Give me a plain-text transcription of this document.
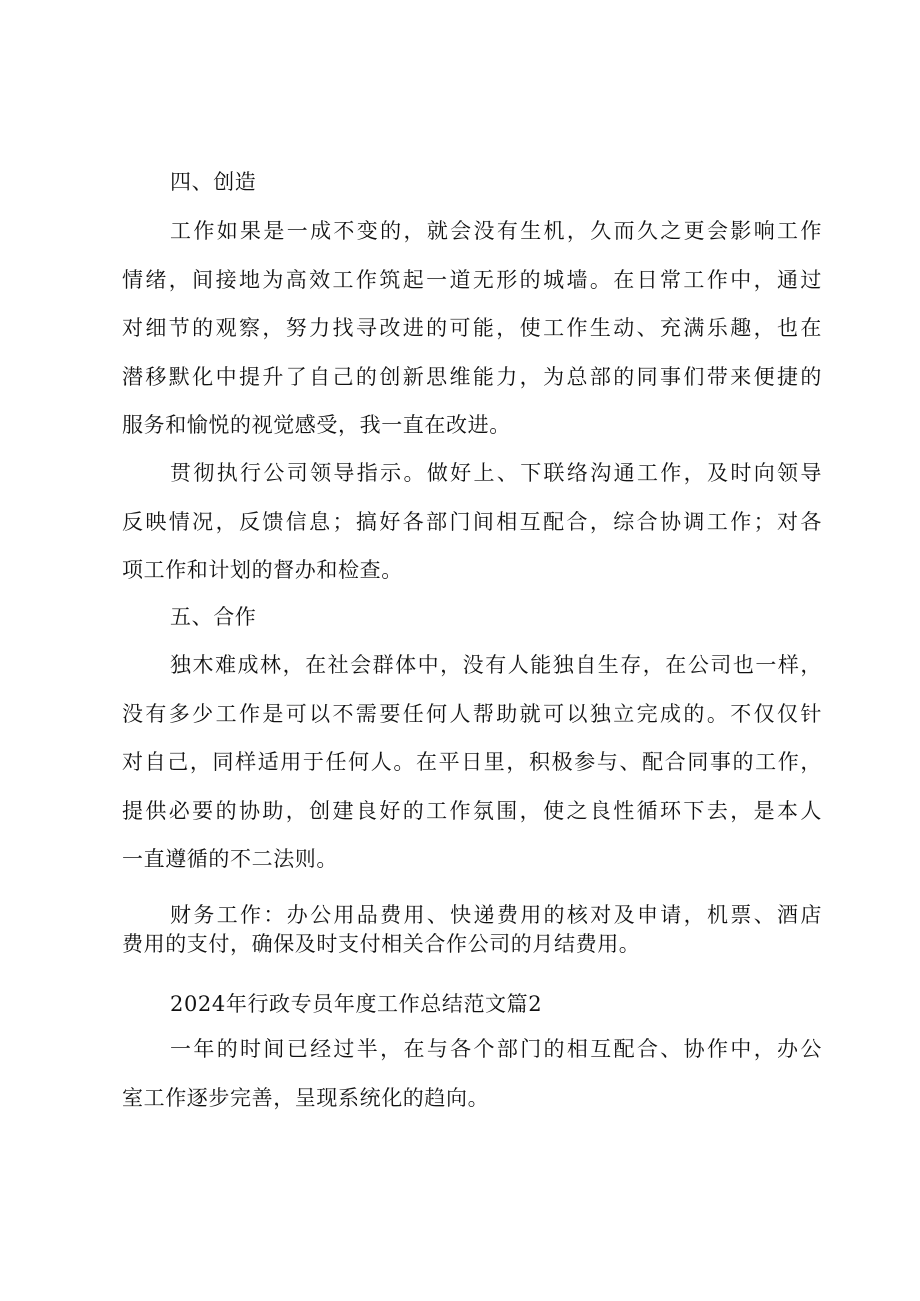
四、创造

工作如果是一成不变的，就会没有生机，久而久之更会影响工作
情绪，间接地为高效工作筑起一道无形的城墙。在日常工作中，通过
对细节的观察，努力找寻改进的可能，使工作生动、充满乐趣，也在
潜移默化中提升了自己的创新思维能力，为总部的同事们带来便捷的
服务和愉悦的视觉感受，我一直在改进。

贯彻执行公司领导指示。做好上、下联络沟通工作，及时向领导
反映情况，反馈信息；搞好各部门间相互配合，综合协调工作；对各
项工作和计划的督办和检查。

五、合作

独木难成林，在社会群体中，没有人能独自生存，在公司也一样，
没有多少工作是可以不需要任何人帮助就可以独立完成的。不仅仅针
对自己，同样适用于任何人。在平日里，积极参与、配合同事的工作，
提供必要的协助，创建良好的工作氛围，使之良性循环下去，是本人
一直遵循的不二法则。

财务工作：办公用品费用、快递费用的核对及申请，机票、酒店
费用的支付，确保及时支付相关合作公司的月结费用。

2024年行政专员年度工作总结范文篇2

一年的时间已经过半，在与各个部门的相互配合、协作中，办公
室工作逐步完善，呈现系统化的趋向。
